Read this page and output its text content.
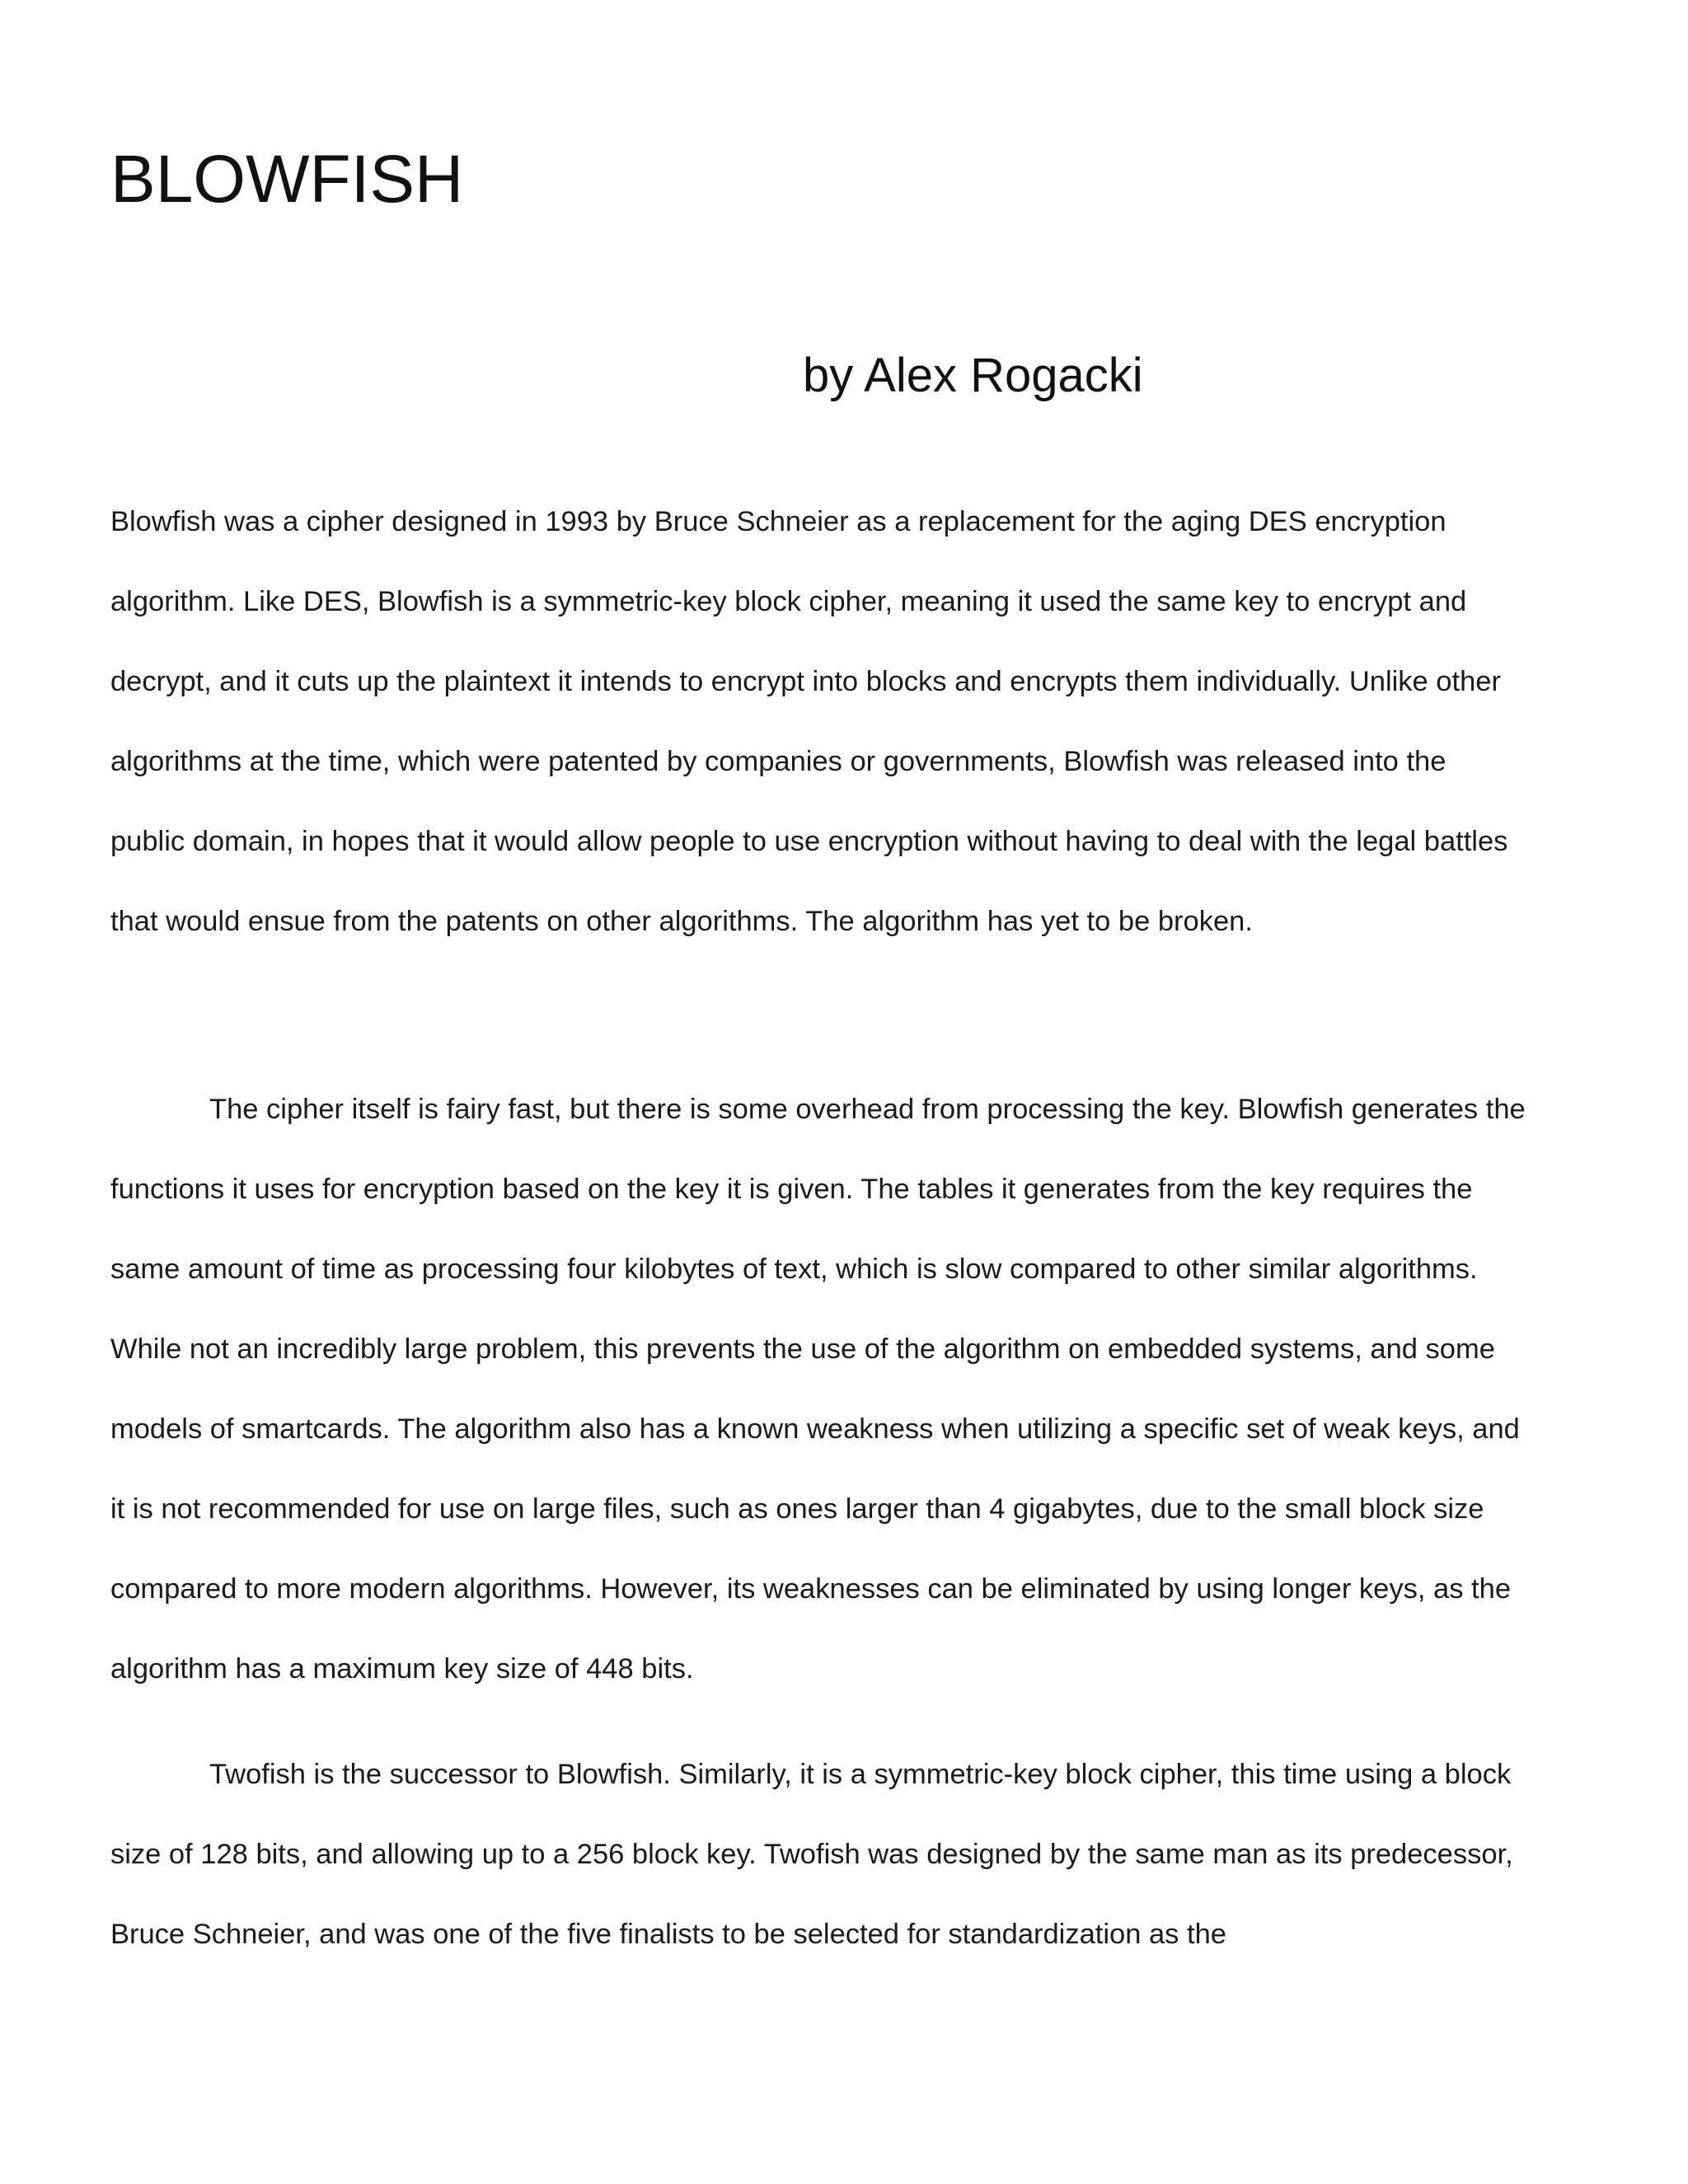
BLOWFISH
by Alex Rogacki

Blowfish was a cipher designed in 1993 by Bruce Schneier as a replacement for the aging DES encryption algorithm. Like DES, Blowfish is a symmetric-key block cipher, meaning it used the same key to encrypt and decrypt, and it cuts up the plaintext it intends to encrypt into blocks and encrypts them individually. Unlike other algorithms at the time, which were patented by companies or governments, Blowfish was released into the public domain, in hopes that it would allow people to use encryption without having to deal with the legal battles that would ensue from the patents on other algorithms. The algorithm has yet to be broken.

The cipher itself is fairy fast, but there is some overhead from processing the key. Blowfish generates the functions it uses for encryption based on the key it is given. The tables it generates from the key requires the same amount of time as processing four kilobytes of text, which is slow compared to other similar algorithms. While not an incredibly large problem, this prevents the use of the algorithm on embedded systems, and some models of smartcards. The algorithm also has a known weakness when utilizing a specific set of weak keys, and it is not recommended for use on large files, such as ones larger than 4 gigabytes, due to the small block size compared to more modern algorithms. However, its weaknesses can be eliminated by using longer keys, as the algorithm has a maximum key size of 448 bits.

Twofish is the successor to Blowfish. Similarly, it is a symmetric-key block cipher, this time using a block size of 128 bits, and allowing up to a 256 block key. Twofish was designed by the same man as its predecessor, Bruce Schneier, and was one of the five finalists to be selected for standardization as the
